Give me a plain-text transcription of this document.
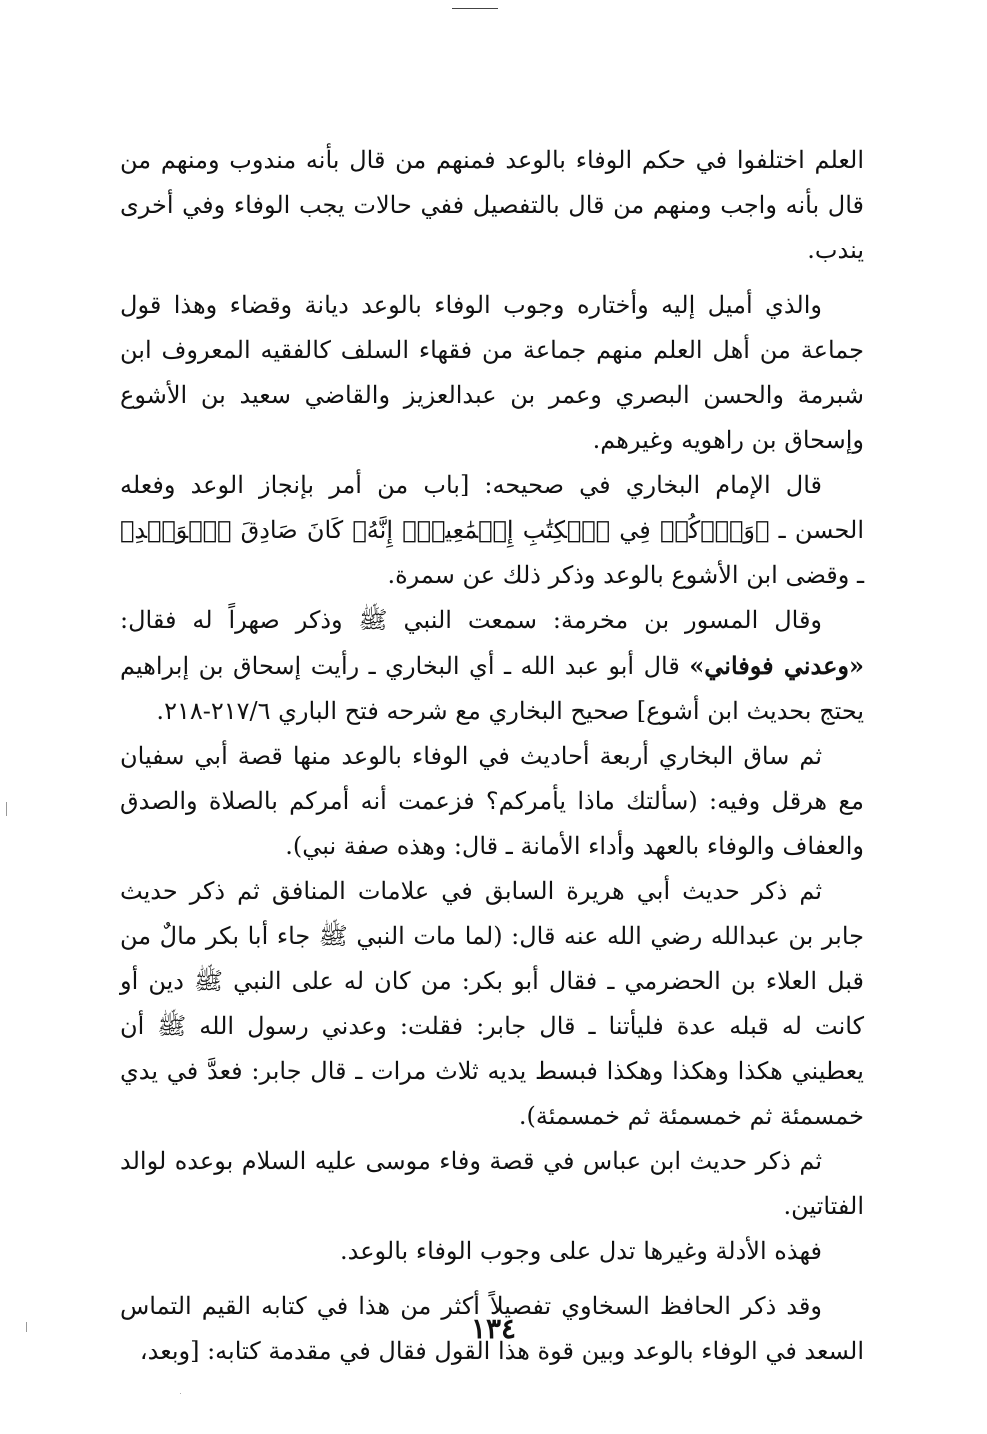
العلم اختلفوا في حكم الوفاء بالوعد فمنهم من قال بأنه مندوب ومنهم من قال بأنه واجب ومنهم من قال بالتفصيل ففي حالات يجب الوفاء وفي أخرى يندب.

والذي أميل إليه وأختاره وجوب الوفاء بالوعد ديانة وقضاء وهذا قول جماعة من أهل العلم منهم جماعة من فقهاء السلف كالفقيه المعروف ابن شبرمة والحسن البصري وعمر بن عبدالعزيز والقاضي سعيد بن الأشوع وإسحاق بن راهويه وغيرهم.

قال الإمام البخاري في صحيحه: [باب من أمر بإنجاز الوعد وفعله الحسن ـ ﴿وَٱذۡكُرۡ فِي ٱلۡكِتَٰبِ إِسۡمَٰعِيلَۚ إِنَّهُۥ كَانَ صَادِقَ ٱلۡوَعۡدِ﴾ ـ وقضى ابن الأشوع بالوعد وذكر ذلك عن سمرة.

وقال المسور بن مخرمة: سمعت النبي ﷺ وذكر صهراً له فقال: «وعدني فوفاني» قال أبو عبد الله ـ أي البخاري ـ رأيت إسحاق بن إبراهيم يحتج بحديث ابن أشوع] صحيح البخاري مع شرحه فتح الباري ٢١٧/٦-٢١٨.

ثم ساق البخاري أربعة أحاديث في الوفاء بالوعد منها قصة أبي سفيان مع هرقل وفيه: (سألتك ماذا يأمركم؟ فزعمت أنه أمركم بالصلاة والصدق والعفاف والوفاء بالعهد وأداء الأمانة ـ قال: وهذه صفة نبي).

ثم ذكر حديث أبي هريرة السابق في علامات المنافق ثم ذكر حديث جابر بن عبدالله رضي الله عنه قال: (لما مات النبي ﷺ جاء أبا بكر مالٌ من قبل العلاء بن الحضرمي ـ فقال أبو بكر: من كان له على النبي ﷺ دين أو كانت له قبله عدة فليأتنا ـ قال جابر: فقلت: وعدني رسول الله ﷺ أن يعطيني هكذا وهكذا وهكذا فبسط يديه ثلاث مرات ـ قال جابر: فعدَّ في يدي خمسمئة ثم خمسمئة ثم خمسمئة).

ثم ذكر حديث ابن عباس في قصة وفاء موسى عليه السلام بوعده لوالد الفتاتين.

فهذه الأدلة وغيرها تدل على وجوب الوفاء بالوعد.

وقد ذكر الحافظ السخاوي تفصيلاً أكثر من هذا في كتابه القيم التماس السعد في الوفاء بالوعد وبين قوة هذا القول فقال في مقدمة كتابه: [وبعد،

١٣٤
